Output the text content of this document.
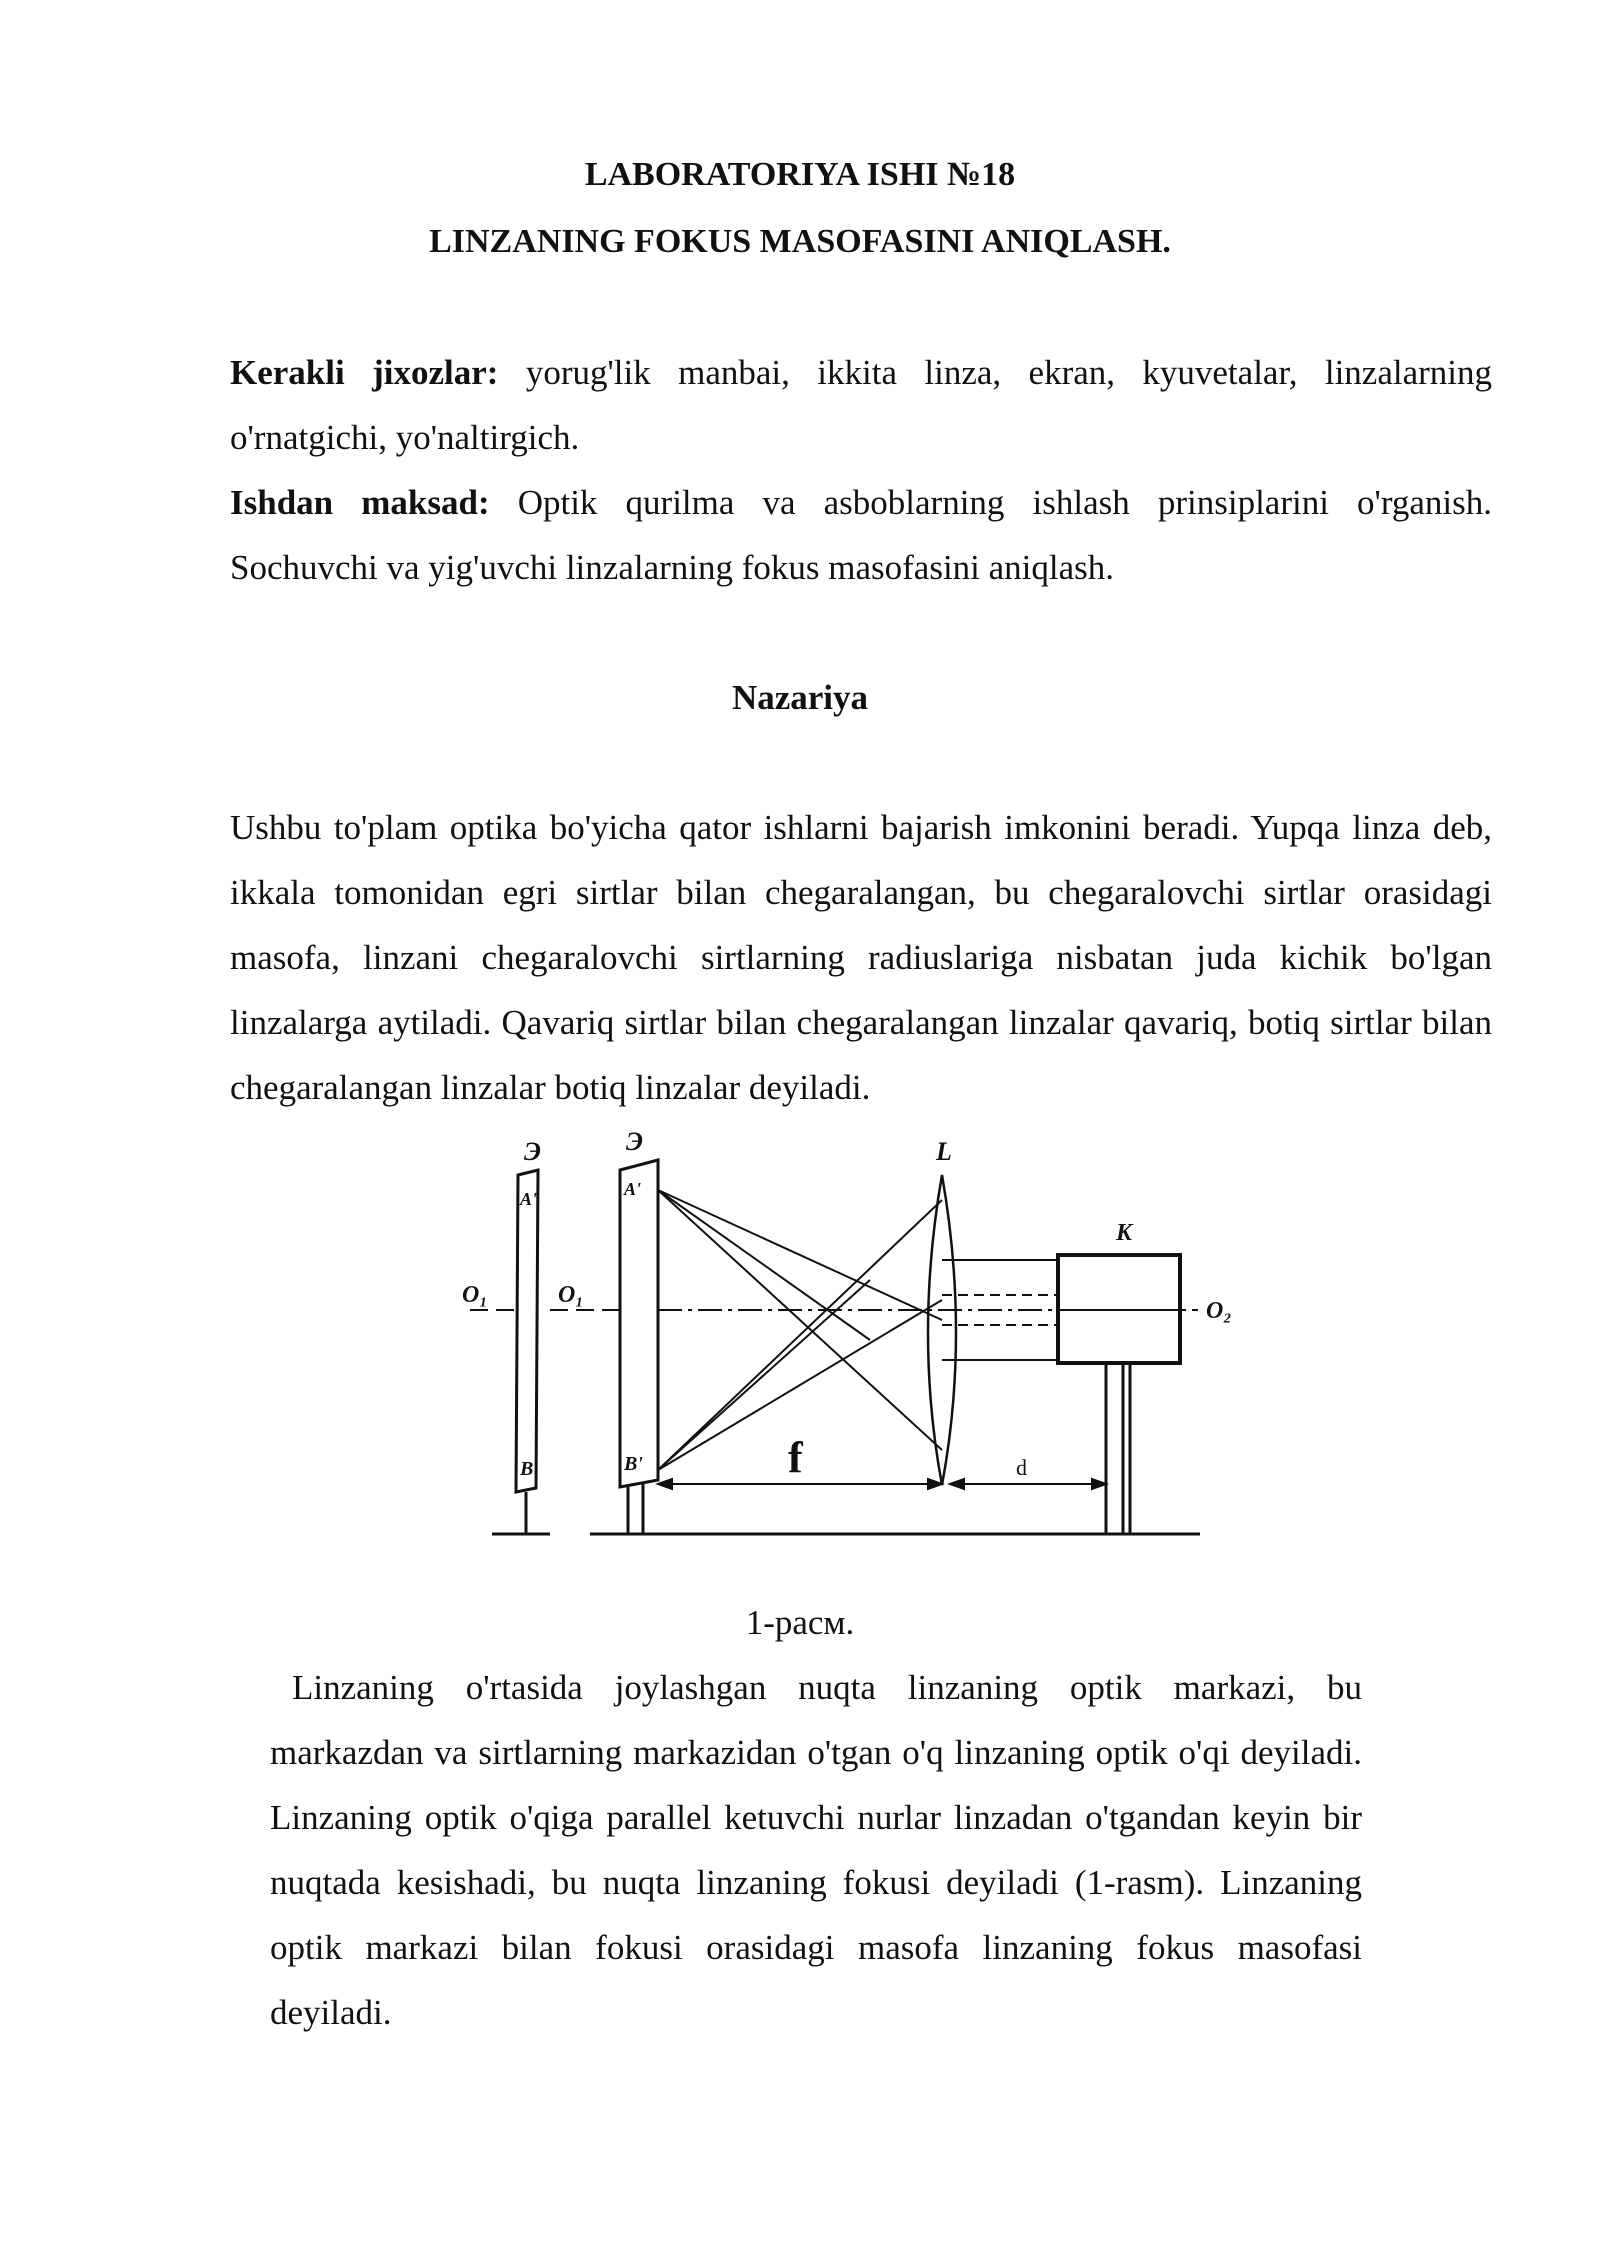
LABORATORIYA ISHI №18

LINZANING FOKUS MASOFASINI ANIQLASH.

Kerakli jixozlar: yorug'lik manbai, ikkita linza, ekran, kyuvetalar, linzalarning o'rnatgichi, yo'naltirgich.

Ishdan maksad: Optik qurilma va asboblarning ishlash prinsiplarini o'rganish. Sochuvchi va yig'uvchi linzalarning fokus masofasini aniqlash.

Nazariya

Ushbu to'plam optika bo'yicha qator ishlarni bajarish imkonini beradi. Yupqa linza deb, ikkala tomonidan egri sirtlar bilan chegaralangan, bu chegaralovchi sirtlar orasidagi masofa, linzani chegaralovchi sirtlarning radiuslariga nisbatan juda kichik bo'lgan linzalarga aytiladi. Qavariq sirtlar bilan chegaralangan linzalar qavariq, botiq sirtlar bilan chegaralangan linzalar botiq linzalar deyiladi.

Э	Э	L
K
A'	A'
B	B'
O₁	O₁
O₂
f	d

1-расм.

Linzaning o'rtasida joylashgan nuqta linzaning optik markazi, bu markazdan va sirtlarning markazidan o'tgan o'q linzaning optik o'qi deyiladi. Linzaning optik o'qiga parallel ketuvchi nurlar linzadan o'tgandan keyin bir nuqtada kesishadi, bu nuqta linzaning fokusi deyiladi (1-rasm). Linzaning optik markazi bilan fokusi orasidagi masofa linzaning fokus masofasi deyiladi.
